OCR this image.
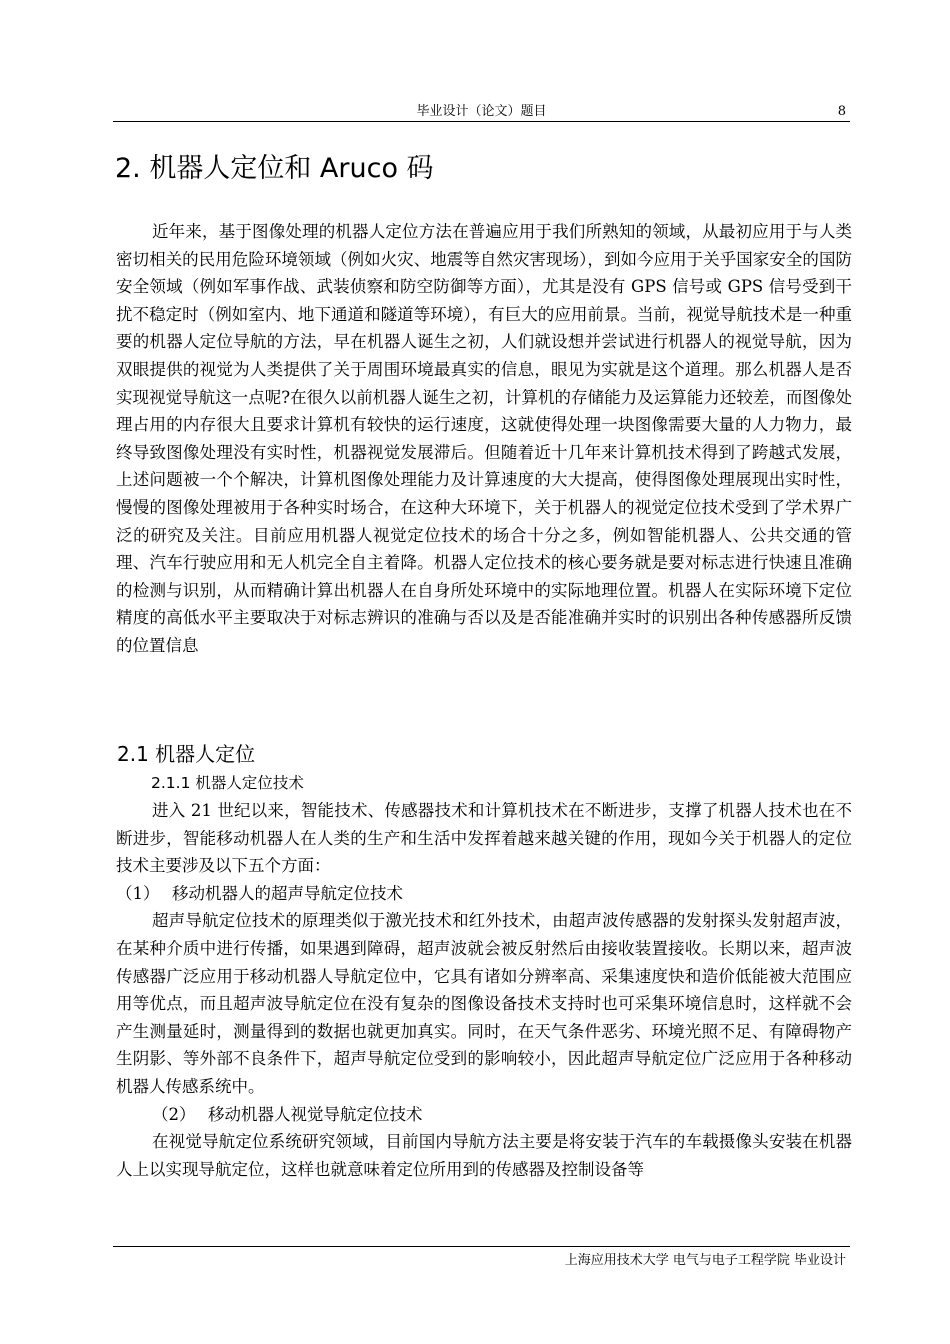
毕业设计（论文）题目	8
2. 机器人定位和 Aruco 码

近年来，基于图像处理的机器人定位方法在普遍应用于我们所熟知的领域，从最初应用于与人类密切相关的民用危险环境领域（例如火灾、地震等自然灾害现场），到如今应用于关乎国家安全的国防安全领域（例如军事作战、武装侦察和防空防御等方面），尤其是没有 GPS 信号或 GPS 信号受到干扰不稳定时（例如室内、地下通道和隧道等环境），有巨大的应用前景。当前，视觉导航技术是一种重要的机器人定位导航的方法，早在机器人诞生之初，人们就设想并尝试进行机器人的视觉导航，因为双眼提供的视觉为人类提供了关于周围环境最真实的信息，眼见为实就是这个道理。那么机器人是否实现视觉导航这一点呢?在很久以前机器人诞生之初，计算机的存储能力及运算能力还较差，而图像处理占用的内存很大且要求计算机有较快的运行速度，这就使得处理一块图像需要大量的人力物力，最终导致图像处理没有实时性，机器视觉发展滞后。但随着近十几年来计算机技术得到了跨越式发展，上述问题被一个个解决，计算机图像处理能力及计算速度的大大提高，使得图像处理展现出实时性，慢慢的图像处理被用于各种实时场合，在这种大环境下，关于机器人的视觉定位技术受到了学术界广泛的研究及关注。目前应用机器人视觉定位技术的场合十分之多，例如智能机器人、公共交通的管理、汽车行驶应用和无人机完全自主着降。机器人定位技术的核心要务就是要对标志进行快速且准确的检测与识别，从而精确计算出机器人在自身所处环境中的实际地理位置。机器人在实际环境下定位精度的高低水平主要取决于对标志辨识的准确与否以及是否能准确并实时的识别出各种传感器所反馈的位置信息

2.1 机器人定位
2.1.1 机器人定位技术

进入 21 世纪以来，智能技术、传感器技术和计算机技术在不断进步，支撑了机器人技术也在不断进步，智能移动机器人在人类的生产和生活中发挥着越来越关键的作用，现如今关于机器人的定位技术主要涉及以下五个方面：

（1） 移动机器人的超声导航定位技术

超声导航定位技术的原理类似于激光技术和红外技术，由超声波传感器的发射探头发射超声波，在某种介质中进行传播，如果遇到障碍，超声波就会被反射然后由接收装置接收。长期以来，超声波传感器广泛应用于移动机器人导航定位中，它具有诸如分辨率高、采集速度快和造价低能被大范围应用等优点，而且超声波导航定位在没有复杂的图像设备技术支持时也可采集环境信息时，这样就不会产生测量延时，测量得到的数据也就更加真实。同时，在天气条件恶劣、环境光照不足、有障碍物产生阴影、等外部不良条件下，超声导航定位受到的影响较小，因此超声导航定位广泛应用于各种移动机器人传感系统中。

（2） 移动机器人视觉导航定位技术

在视觉导航定位系统研究领域，目前国内导航方法主要是将安装于汽车的车载摄像头安装在机器人上以实现导航定位，这样也就意味着定位所用到的传感器及控制设备等

上海应用技术大学 电气与电子工程学院 毕业设计
